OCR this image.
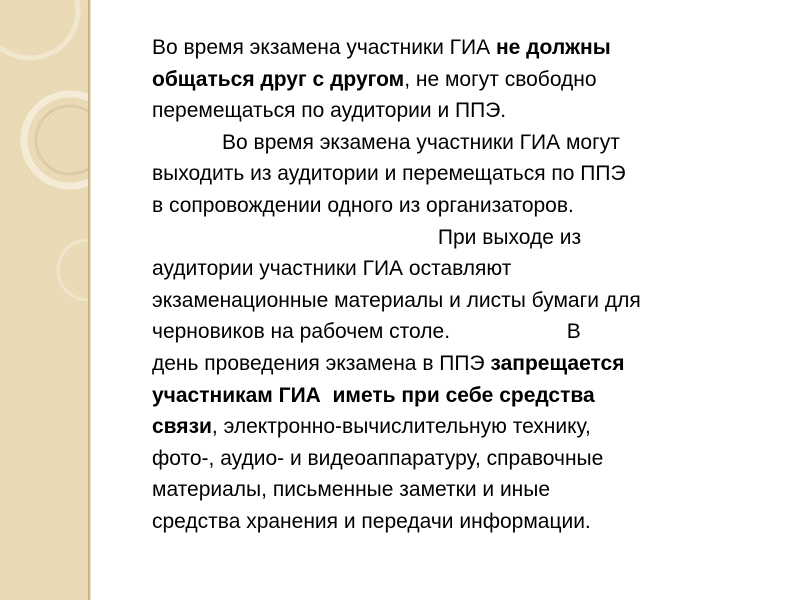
Во время экзамена участники ГИА не должны
общаться друг с другом, не могут свободно
перемещаться по аудитории и ППЭ.
Во время экзамена участники ГИА могут
выходить из аудитории и перемещаться по ППЭ
в сопровождении одного из организаторов.
При выходе из
аудитории участники ГИА оставляют
экзаменационные материалы и листы бумаги для
черновиков на рабочем столе.                    В
день проведения экзамена в ППЭ запрещается
участникам ГИА  иметь при себе средства
связи, электронно-вычислительную технику,
фото-, аудио- и видеоаппаратуру, справочные
материалы, письменные заметки и иные
средства хранения и передачи информации.
